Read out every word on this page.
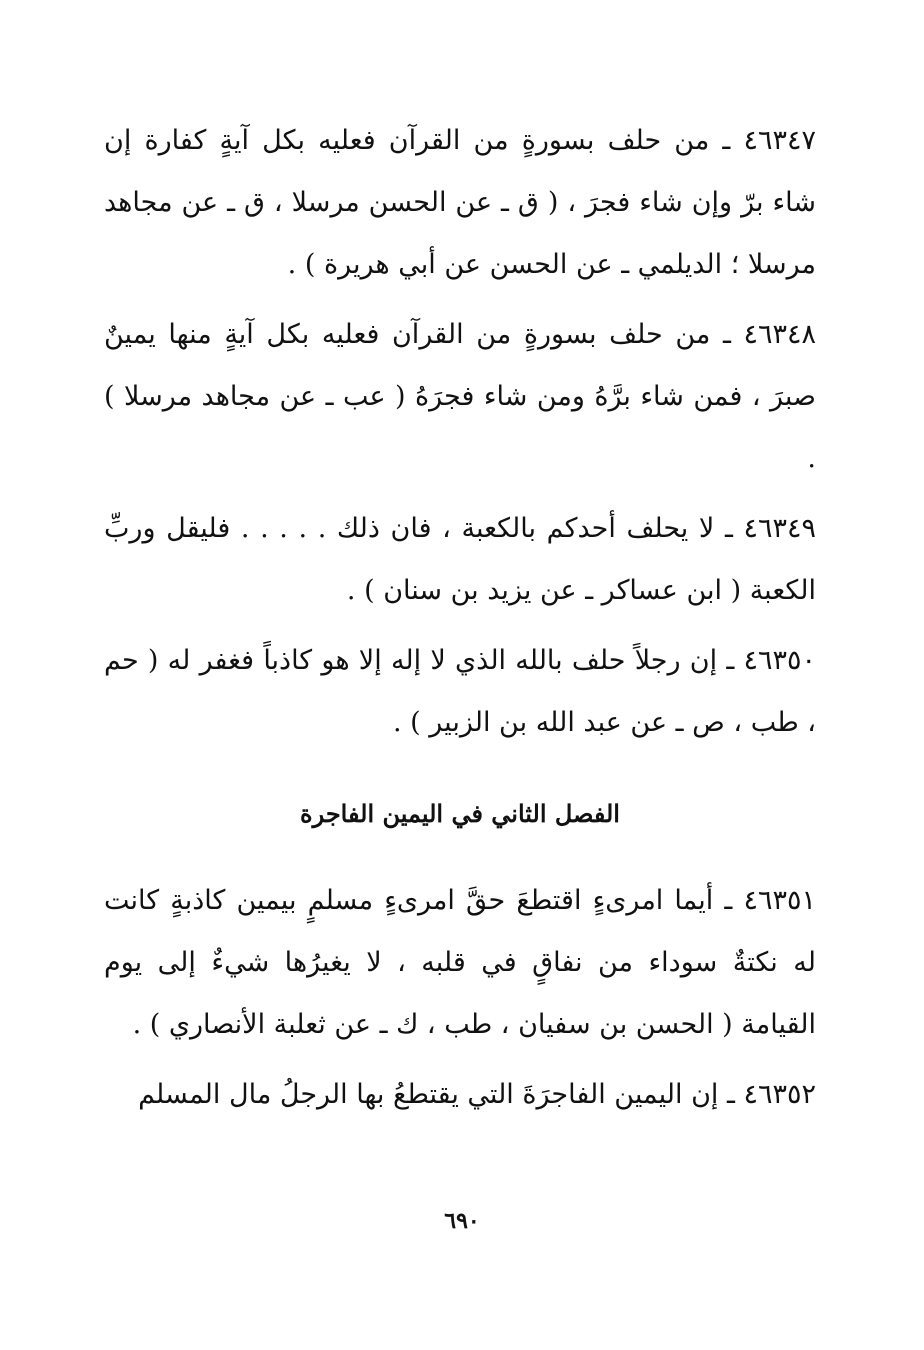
٤٦٣٤٧ ـ من حلف بسورةٍ من القرآن فعليه بكل آيةٍ كفارة إن شاء برّ وإن شاء فجرَ ، ( ق ـ عن الحسن مرسلا ، ق ـ عن مجاهد مرسلا ؛ الديلمي ـ عن الحسن عن أبي هريرة ) .

٤٦٣٤٨ ـ من حلف بسورةٍ من القرآن فعليه بكل آيةٍ منها يمينٌ صبرَ ، فمن شاء برَّهُ ومن شاء فجرَهُ ( عب ـ عن مجاهد مرسلا ) .

٤٦٣٤٩ ـ لا يحلف أحدكم بالكعبة ، فان ذلك . . . . . فليقل وربِّ الكعبة ( ابن عساكر ـ عن يزيد بن سنان ) .

٤٦٣٥٠ ـ إن رجلاً حلف بالله الذي لا إله إلا هو كاذباً فغفر له ( حم ، طب ، ص ـ عن عبد الله بن الزبير ) .

الفصل الثاني في اليمين الفاجرة

٤٦٣٥١ ـ أيما امرىءٍ اقتطعَ حقَّ امرىءٍ مسلمٍ بيمين كاذبةٍ كانت له نكتةٌ سوداء من نفاقٍ في قلبه ، لا يغيرُها شيءٌ إلى يوم القيامة ( الحسن بن سفيان ، طب ، ك ـ عن ثعلبة الأنصاري ) .

٤٦٣٥٢ ـ إن اليمين الفاجرَةَ التي يقتطعُ بها الرجلُ مال المسلم

٦٩٠
